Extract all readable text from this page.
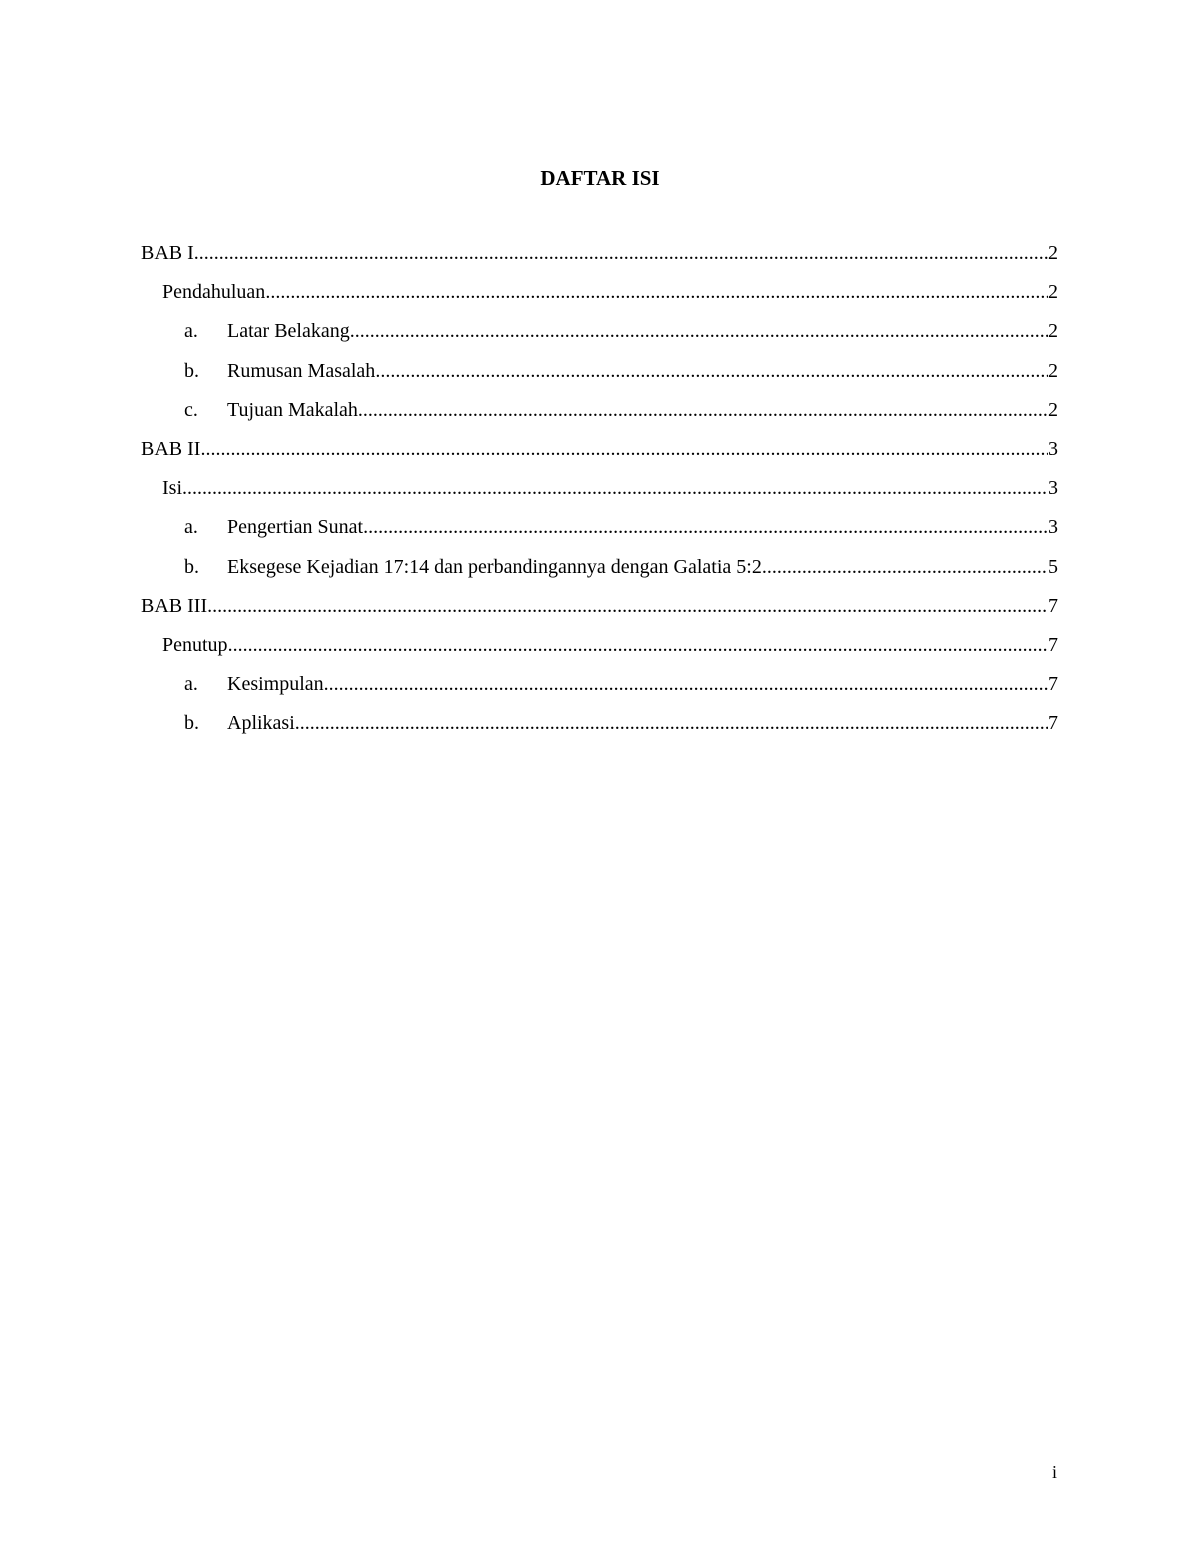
DAFTAR ISI
BAB I .....	2
Pendahuluan .....	2
a.	Latar Belakang .....	2
b.	Rumusan Masalah .....	2
c.	Tujuan Makalah .....	2
BAB II .....	3
Isi .....	3
a.	Pengertian Sunat .....	3
b.	Eksegese Kejadian 17:14 dan perbandingannya dengan Galatia 5:2 .....	5
BAB III .....	7
Penutup .....	7
a.	Kesimpulan .....	7
b.	Aplikasi .....	7
i
